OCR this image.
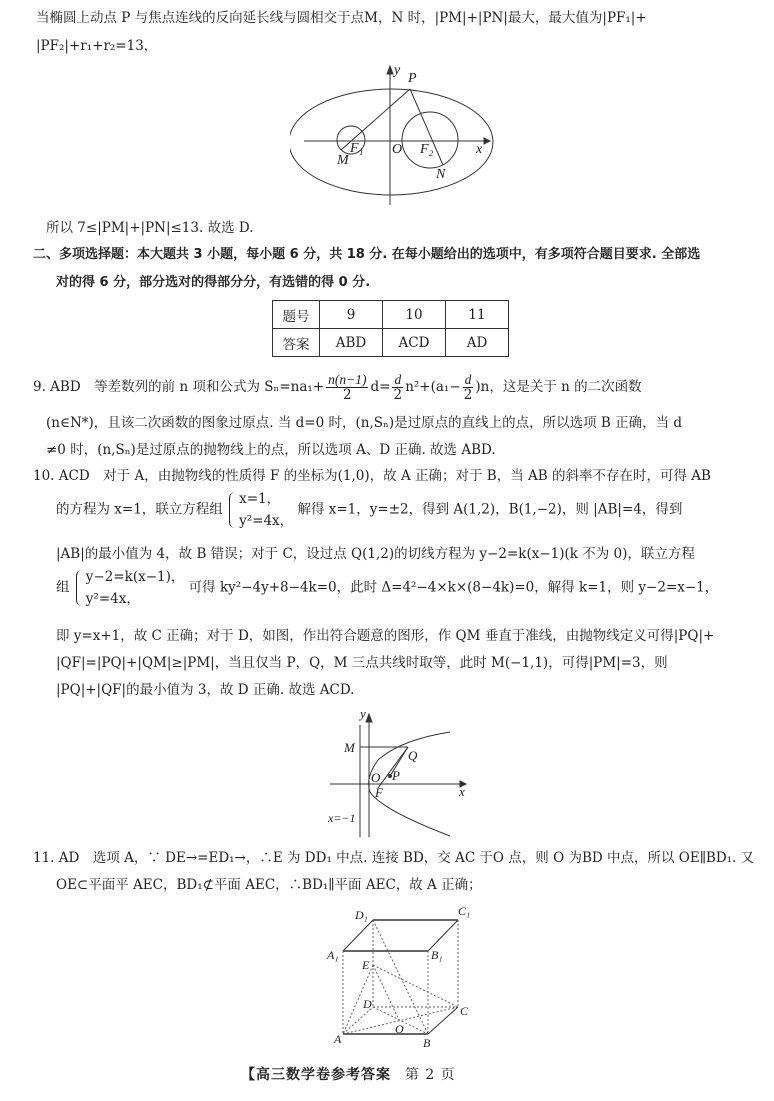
当椭圆上动点 P 与焦点连线的反向延长线与圆相交于点M，N 时，|PM|+|PN|最大，最大值为|PF₁|+
|PF₂|+r₁+r₂=13，
y
P
M
F₁ O F₂	x
N
所以 7≤|PM|+|PN|≤13. 故选 D.
二、多项选择题：本大题共 3 小题，每小题 6 分，共 18 分. 在每小题给出的选项中，有多项符合题目要求. 全部选
对的得 6 分，部分选对的得部分分，有选错的得 0 分.
题号	9	10	11
答案	ABD	ACD	AD
9. ABD　等差数列的前 n 项和公式为 $S_n=na_1+ \frac{n(n-1)}{2} d= \frac{d}{2} n^2+(a_1- \frac{d}{2} )n$，这是关于 n 的二次函数
(n∈N*)，且该二次函数的图象过原点. 当 d=0 时，(n,Sₙ)是过原点的直线上的点，所以选项 B 正确，当 d
≠0 时，(n,Sₙ)是过原点的抛物线上的点，所以选项 A、D 正确. 故选 ABD.
10. ACD　对于 A，由抛物线的性质得 F 的坐标为(1,0)，故 A 正确；对于 B，当 AB 的斜率不存在时，可得 AB
的方程为 x=1，联立方程组
x=1，
y²=4x，
解得 x=1，y=±2，得到 A(1,2)，B(1,−2)，则 |AB|=4，得到
|AB|的最小值为 4，故 B 错误；对于 C，设过点 Q(1,2)的切线方程为 y−2=k(x−1)(k 不为 0)，联立方程
组
y−2=k(x−1)，
y²=4x，
可得 ky²−4y+8−4k=0，此时 Δ=4²−4×k×(8−4k)=0，解得 k=1，则 y−2=x−1，
即 y=x+1，故 C 正确；对于 D，如图，作出符合题意的图形，作 QM 垂直于准线，由抛物线定义可得|PQ|+
|QF|=|PQ|+|QM|≥|PM|，当且仅当 P，Q，M 三点共线时取等，此时 M(−1,1)，可得|PM|=3，则
|PQ|+|QF|的最小值为 3，故 D 正确. 故选 ACD.
y
M
Q
O P
F	x
x=−1
11. AD　选项 A，∵ DE→=ED₁→，∴E 为 DD₁ 中点. 连接 BD，交 AC 于O 点，则 O 为BD 中点，所以 OE∥BD₁. 又
OE⊂平面平 AEC，BD₁⊄平面 AEC，∴BD₁∥平面 AEC，故 A 正确；
D₁	C₁
A₁	B₁
E
D	C
O
A	B
【高三数学卷参考答案 第 2 页
